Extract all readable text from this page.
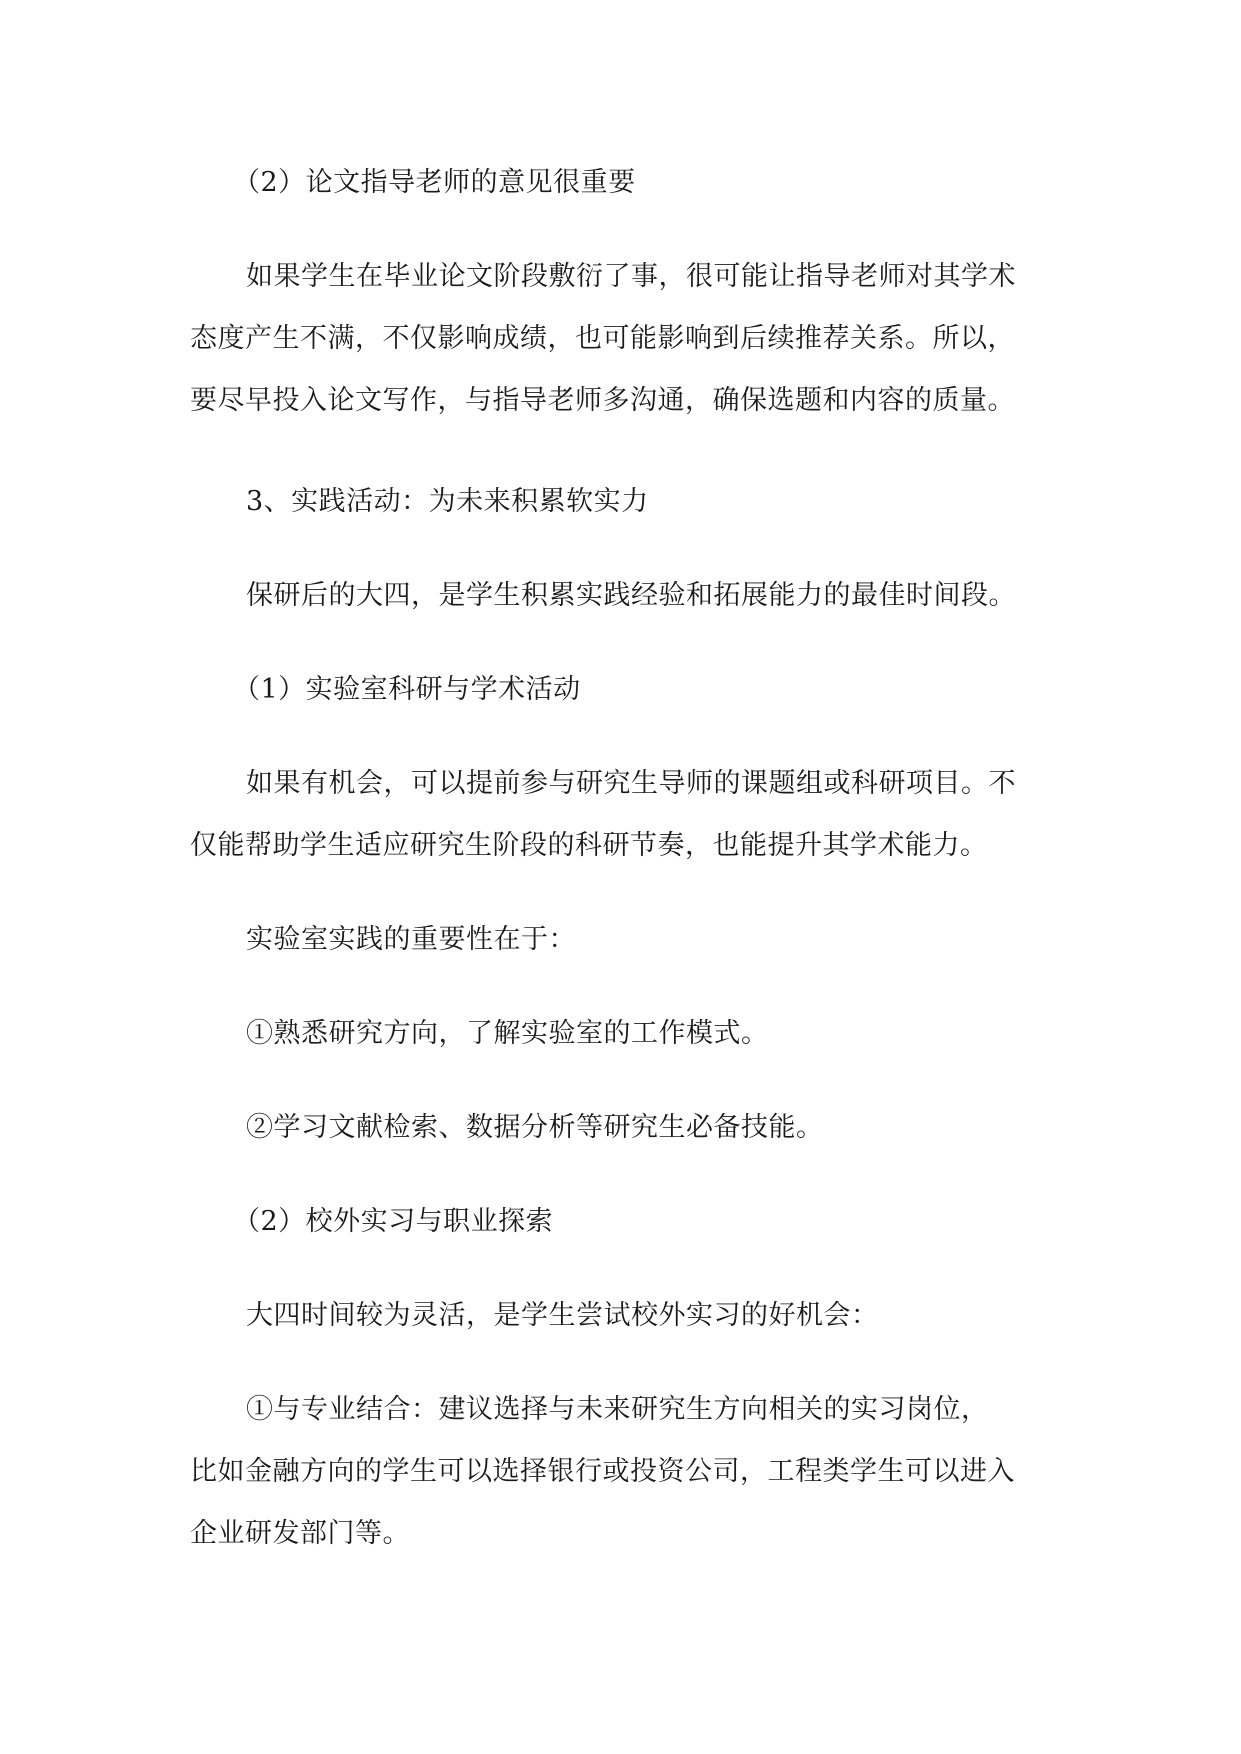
（2）论文指导老师的意见很重要
如果学生在毕业论文阶段敷衍了事，很可能让指导老师对其学术
态度产生不满，不仅影响成绩，也可能影响到后续推荐关系。所以，
要尽早投入论文写作，与指导老师多沟通，确保选题和内容的质量。
3、实践活动：为未来积累软实力
保研后的大四，是学生积累实践经验和拓展能力的最佳时间段。
（1）实验室科研与学术活动
如果有机会，可以提前参与研究生导师的课题组或科研项目。不
仅能帮助学生适应研究生阶段的科研节奏，也能提升其学术能力。
实验室实践的重要性在于：
①熟悉研究方向，了解实验室的工作模式。
②学习文献检索、数据分析等研究生必备技能。
（2）校外实习与职业探索
大四时间较为灵活，是学生尝试校外实习的好机会：
①与专业结合：建议选择与未来研究生方向相关的实习岗位，
比如金融方向的学生可以选择银行或投资公司，工程类学生可以进入
企业研发部门等。
